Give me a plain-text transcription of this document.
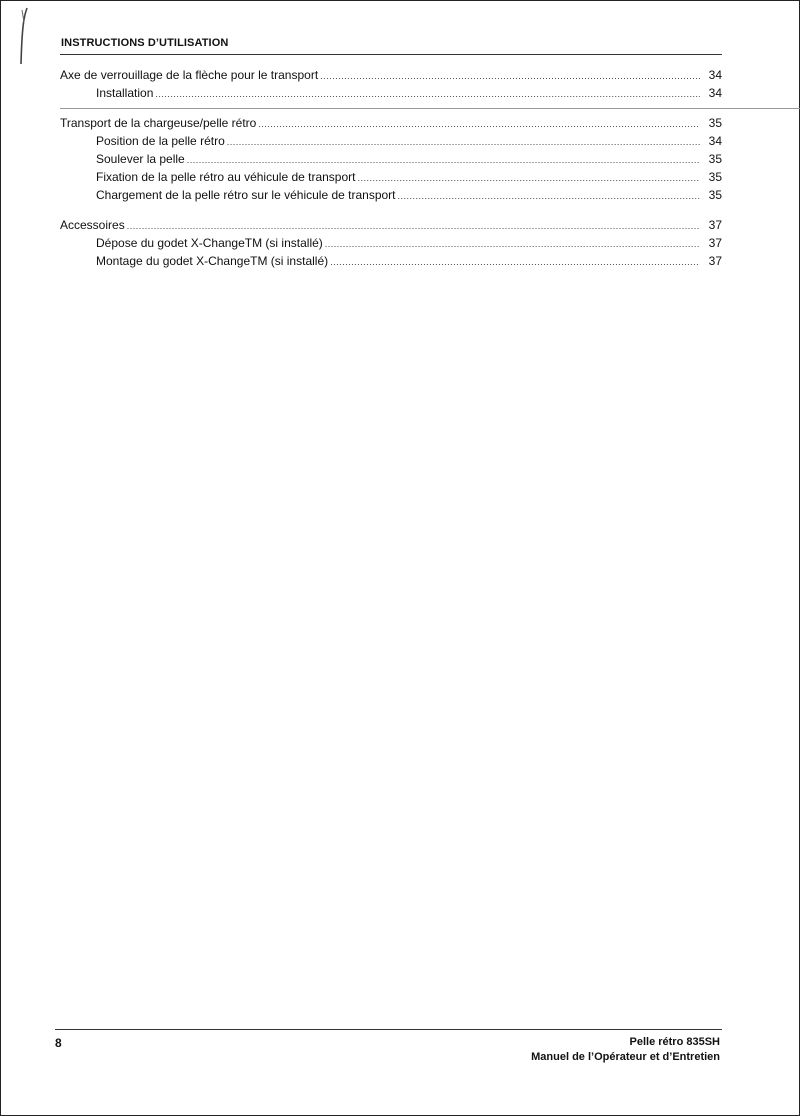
INSTRUCTIONS D’UTILISATION
Axe de verrouillage de la flèche pour le transport .....	34
Installation .....	34
Transport de la chargeuse/pelle rétro .....	35
Position de la pelle rétro .....	34
Soulever la pelle .....	35
Fixation de la pelle rétro au véhicule de transport .....	35
Chargement de la pelle rétro sur le véhicule de transport .....	35
Accessoires .....	37
Dépose du godet X-ChangeTM (si installé) .....	37
Montage du godet X-ChangeTM (si installé) .....	37
8	Pelle rétro 835SH
Manuel de l’Opérateur et d’Entretien
